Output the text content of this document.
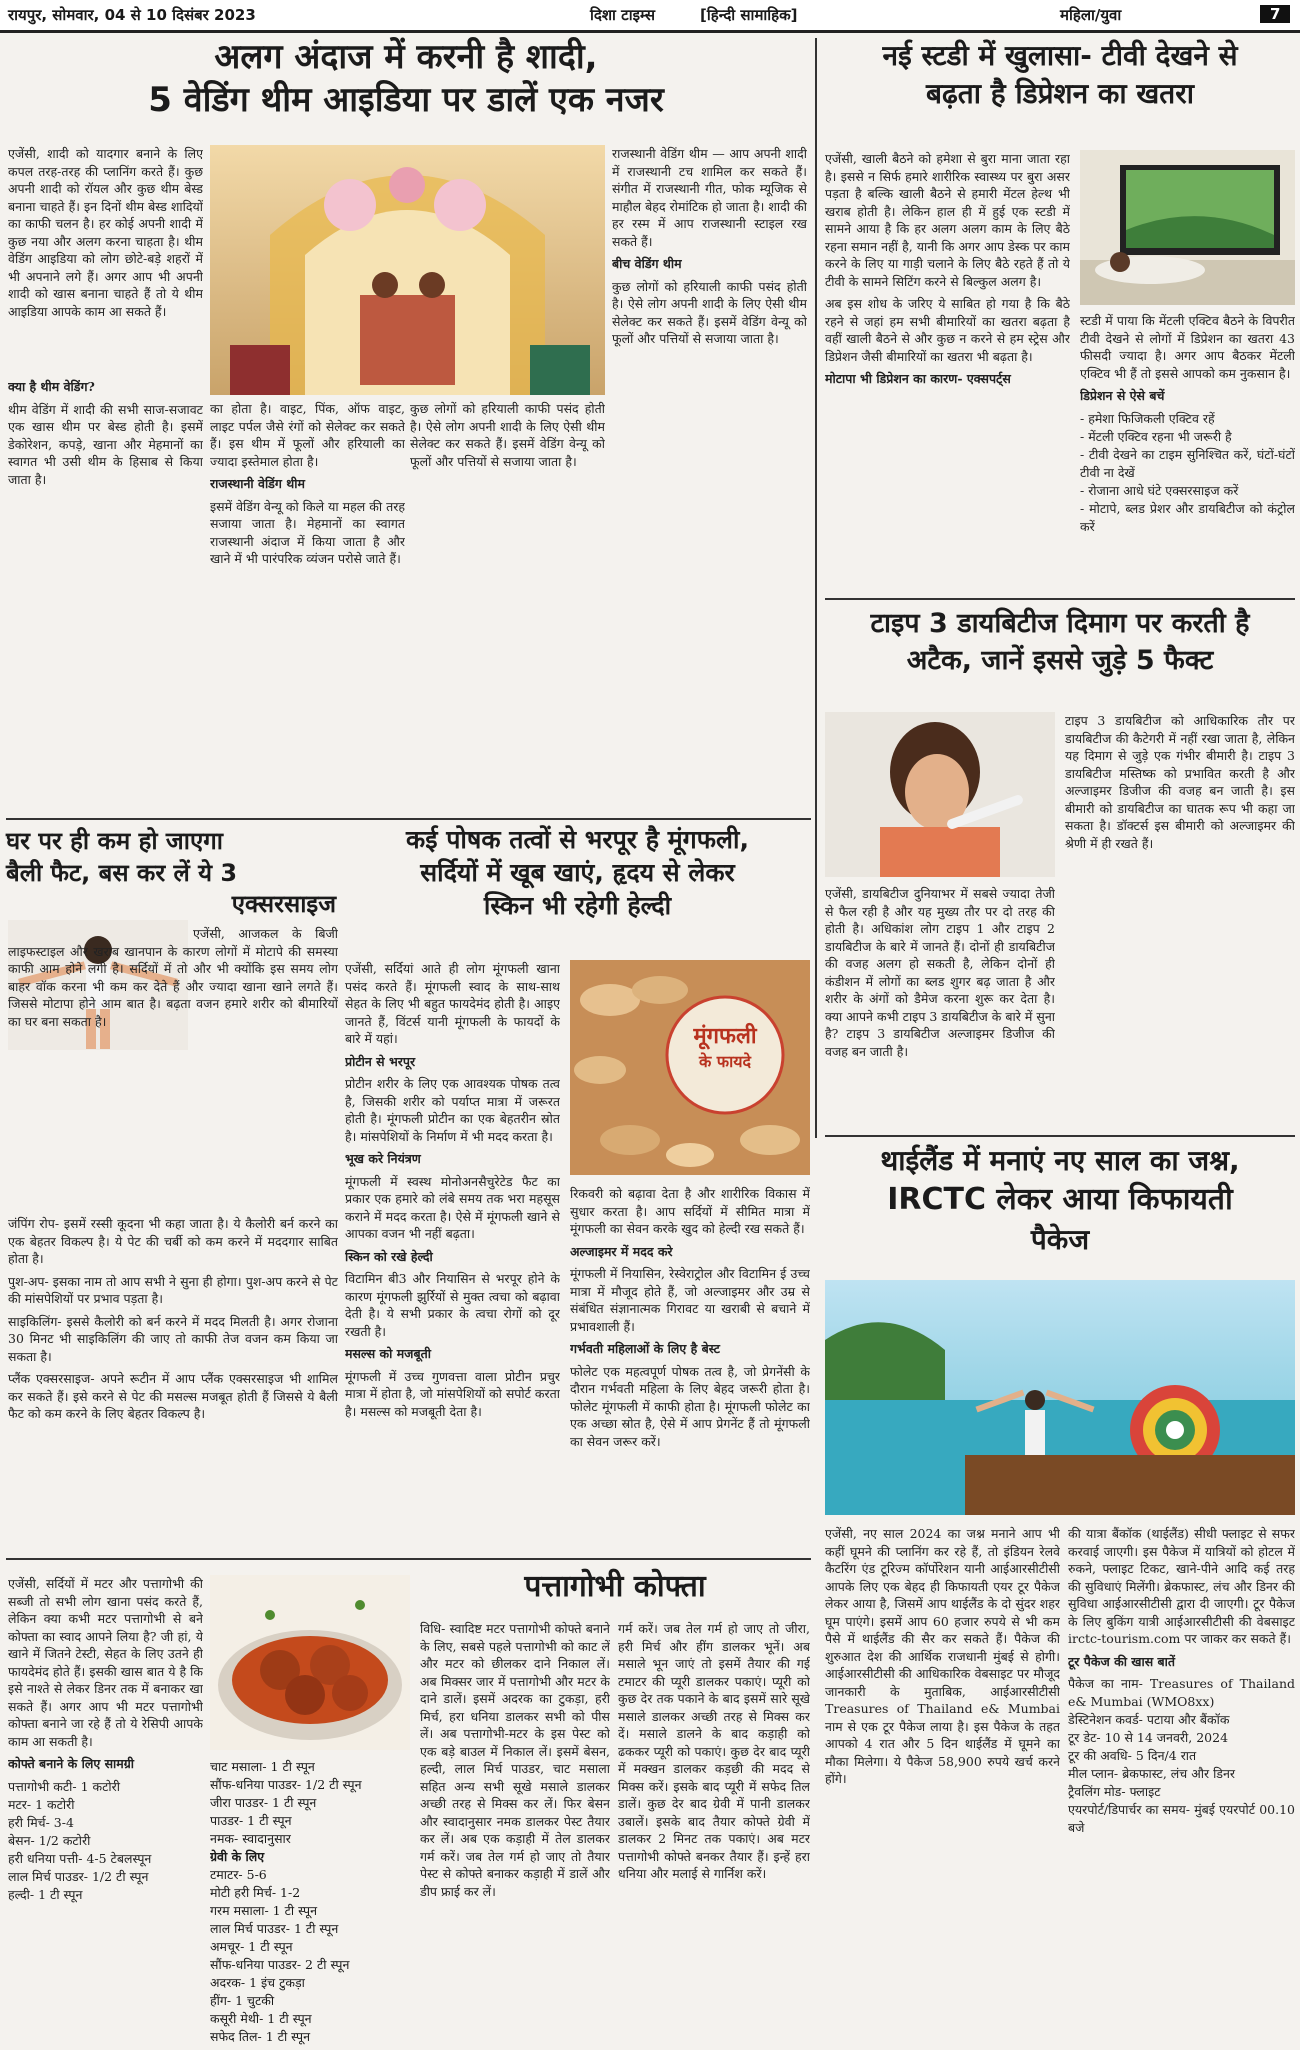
रायपुर, सोमवार, 04 से 10 दिसंबर 2023	दिशा टाइम्स	[हिन्दी सामाहिक]	महिला/युवा	7
अलग अंदाज में करनी है शादी,
5 वेडिंग थीम आइडिया पर डालें एक नजर
एजेंसी, शादी को यादगार बनाने के लिए कपल तरह-तरह की प्लानिंग करते हैं। कुछ अपनी शादी को रॉयल और कुछ थीम बेस्ड बनाना चाहते हैं। इन दिनों थीम बेस्ड शादियों का काफी चलन है। हर कोई अपनी शादी में कुछ नया और अलग करना चाहता है। थीम वेडिंग आइडिया को लोग छोटे-बड़े शहरों में भी अपनाने लगे हैं। अगर आप भी अपनी शादी को खास बनाना चाहते हैं तो ये थीम आइडिया आपके काम आ सकते हैं।
क्या है थीम वेडिंग?
थीम वेडिंग में शादी की सभी साज-सजावट एक खास थीम पर बेस्ड होती है। इसमें डेकोरेशन, कपड़े, खाना और मेहमानों का स्वागत भी उसी थीम के हिसाब से किया जाता है।
का होता है। वाइट, पिंक, ऑफ वाइट, लाइट पर्पल जैसे रंगों को सेलेक्ट कर सकते हैं। इस थीम में फूलों और हरियाली का ज्यादा इस्तेमाल होता है।
राजस्थानी वेडिंग थीम
इसमें वेडिंग वेन्यू को किले या महल की तरह सजाया जाता है। मेहमानों का स्वागत राजस्थानी अंदाज में किया जाता है और खाने में भी पारंपरिक व्यंजन परोसे जाते हैं।
कुछ लोगों को हरियाली काफी पसंद होती है। ऐसे लोग अपनी शादी के लिए ऐसी थीम सेलेक्ट कर सकते हैं। इसमें वेडिंग वेन्यू को फूलों और पत्तियों से सजाया जाता है।
राजस्थानी वेडिंग थीम — आप अपनी शादी में राजस्थानी टच शामिल कर सकते हैं। संगीत में राजस्थानी गीत, फोक म्यूजिक से माहौल बेहद रोमांटिक हो जाता है। शादी की हर रस्म में आप राजस्थानी स्टाइल रख सकते हैं।
बीच वेडिंग थीम
कुछ लोगों को हरियाली काफी पसंद होती है। ऐसे लोग अपनी शादी के लिए ऐसी थीम सेलेक्ट कर सकते हैं। इसमें वेडिंग वेन्यू को फूलों और पत्तियों से सजाया जाता है।
नई स्टडी में खुलासा- टीवी देखने से
बढ़ता है डिप्रेशन का खतरा
एजेंसी, खाली बैठने को हमेशा से बुरा माना जाता रहा है। इससे न सिर्फ हमारे शारीरिक स्वास्थ्य पर बुरा असर पड़ता है बल्कि खाली बैठने से हमारी मेंटल हेल्थ भी खराब होती है। लेकिन हाल ही में हुई एक स्टडी में सामने आया है कि हर अलग अलग काम के लिए बैठे रहना समान नहीं है, यानी कि अगर आप डेस्क पर काम करने के लिए या गाड़ी चलाने के लिए बैठे रहते हैं तो ये टीवी के सामने सिटिंग करने से बिल्कुल अलग है।
अब इस शोध के जरिए ये साबित हो गया है कि बैठे रहने से जहां हम सभी बीमारियों का खतरा बढ़ता है वहीं खाली बैठने से और कुछ न करने से हम स्ट्रेस और डिप्रेशन जैसी बीमारियों का खतरा भी बढ़ता है।
मोटापा भी डिप्रेशन का कारण- एक्सपर्ट्स
स्टडी में पाया कि मेंटली एक्टिव बैठने के विपरीत टीवी देखने से लोगों में डिप्रेशन का खतरा 43 फीसदी ज्यादा है। अगर आप बैठकर मेंटली एक्टिव भी हैं तो इससे आपको कम नुकसान है।
डिप्रेशन से ऐसे बचें
- हमेशा फिजिकली एक्टिव रहें
- मेंटली एक्टिव रहना भी जरूरी है
- टीवी देखने का टाइम सुनिश्चित करें, घंटों-घंटों टीवी ना देखें
- रोजाना आधे घंटे एक्सरसाइज करें
- मोटापे, ब्लड प्रेशर और डायबिटीज को कंट्रोल करें
टाइप 3 डायबिटीज दिमाग पर करती है
अटैक, जानें इससे जुड़े 5 फैक्ट
टाइप 3 डायबिटीज को आधिकारिक तौर पर डायबिटीज की कैटेगरी में नहीं रखा जाता है, लेकिन यह दिमाग से जुड़े एक गंभीर बीमारी है। टाइप 3 डायबिटीज मस्तिष्क को प्रभावित करती है और अल्जाइमर डिजीज की वजह बन जाती है। इस बीमारी को डायबिटीज का घातक रूप भी कहा जा सकता है। डॉक्टर्स इस बीमारी को अल्जाइमर की श्रेणी में ही रखते हैं।
एजेंसी, डायबिटीज दुनियाभर में सबसे ज्यादा तेजी से फैल रही है और यह मुख्य तौर पर दो तरह की होती है। अधिकांश लोग टाइप 1 और टाइप 2 डायबिटीज के बारे में जानते हैं। दोनों ही डायबिटीज की वजह अलग हो सकती है, लेकिन दोनों ही कंडीशन में लोगों का ब्लड शुगर बढ़ जाता है और शरीर के अंगों को डैमेज करना शुरू कर देता है। क्या आपने कभी टाइप 3 डायबिटीज के बारे में सुना है? टाइप 3 डायबिटीज अल्जाइमर डिजीज की वजह बन जाती है।
घर पर ही कम हो जाएगा
बैली फैट, बस कर लें ये 3
एक्सरसाइज
एजेंसी, आजकल के बिजी लाइफस्टाइल और खराब खानपान के कारण लोगों में मोटापे की समस्या काफी आम होने लगी है। सर्दियों में तो और भी क्योंकि इस समय लोग बाहर वॉक करना भी कम कर देते हैं और ज्यादा खाना खाने लगते हैं। जिससे मोटापा होने आम बात है। बढ़ता वजन हमारे शरीर को बीमारियों का घर बना सकता है।
जंपिंग रोप- इसमें रस्सी कूदना भी कहा जाता है। ये कैलोरी बर्न करने का एक बेहतर विकल्प है। ये पेट की चर्बी को कम करने में मददगार साबित होता है।
पुश-अप- इसका नाम तो आप सभी ने सुना ही होगा। पुश-अप करने से पेट की मांसपेशियों पर प्रभाव पड़ता है।
साइकिलिंग- इससे कैलोरी को बर्न करने में मदद मिलती है। अगर रोजाना 30 मिनट भी साइकिलिंग की जाए तो काफी तेज वजन कम किया जा सकता है।
प्लैंक एक्सरसाइज- अपने रूटीन में आप प्लैंक एक्सरसाइज भी शामिल कर सकते हैं। इसे करने से पेट की मसल्स मजबूत होती हैं जिससे ये बैली फैट को कम करने के लिए बेहतर विकल्प है।
कई पोषक तत्वों से भरपूर है मूंगफली,
सर्दियों में खूब खाएं, हृदय से लेकर
स्किन भी रहेगी हेल्दी
एजेंसी, सर्दियां आते ही लोग मूंगफली खाना पसंद करते हैं। मूंगफली स्वाद के साथ-साथ सेहत के लिए भी बहुत फायदेमंद होती है। आइए जानते हैं, विंटर्स यानी मूंगफली के फायदों के बारे में यहां।
प्रोटीन से भरपूर
प्रोटीन शरीर के लिए एक आवश्यक पोषक तत्व है, जिसकी शरीर को पर्याप्त मात्रा में जरूरत होती है। मूंगफली प्रोटीन का एक बेहतरीन स्रोत है। मांसपेशियों के निर्माण में भी मदद करता है।
भूख करे नियंत्रण
मूंगफली में स्वस्थ मोनोअनसैचुरेटेड फैट का प्रकार एक हमारे को लंबे समय तक भरा महसूस कराने में मदद करता है। ऐसे में मूंगफली खाने से आपका वजन भी नहीं बढ़ता।
स्किन को रखे हेल्दी
विटामिन बी3 और नियासिन से भरपूर होने के कारण मूंगफली झुर्रियों से मुक्त त्वचा को बढ़ावा देती है। ये सभी प्रकार के त्वचा रोगों को दूर रखती है।
मसल्स को मजबूती
मूंगफली में उच्च गुणवत्ता वाला प्रोटीन प्रचुर मात्रा में होता है, जो मांसपेशियों को सपोर्ट करता है। मसल्स को मजबूती देता है।
मूंगफली
के फायदे
रिकवरी को बढ़ावा देता है और शारीरिक विकास में सुधार करता है। आप सर्दियों में सीमित मात्रा में मूंगफली का सेवन करके खुद को हेल्दी रख सकते हैं।
अल्जाइमर में मदद करे
मूंगफली में नियासिन, रेस्वेराट्रोल और विटामिन ई उच्च मात्रा में मौजूद होते हैं, जो अल्जाइमर और उम्र से संबंधित संज्ञानात्मक गिरावट या खराबी से बचाने में प्रभावशाली हैं।
गर्भवती महिलाओं के लिए है बेस्ट
फोलेट एक महत्वपूर्ण पोषक तत्व है, जो प्रेगनेंसी के दौरान गर्भवती महिला के लिए बेहद जरूरी होता है। फोलेट मूंगफली में काफी होता है। मूंगफली फोलेट का एक अच्छा स्रोत है, ऐसे में आप प्रेगनेंट हैं तो मूंगफली का सेवन जरूर करें।
थाईलैंड में मनाएं नए साल का जश्न,
IRCTC लेकर आया किफायती
पैकेज
एजेंसी, नए साल 2024 का जश्न मनाने आप भी कहीं घूमने की प्लानिंग कर रहे हैं, तो इंडियन रेलवे कैटरिंग एंड टूरिज्म कॉर्पोरेशन यानी आईआरसीटीसी आपके लिए एक बेहद ही किफायती एयर टूर पैकेज लेकर आया है, जिसमें आप थाईलैंड के दो सुंदर शहर घूम पाएंगे। इसमें आप 60 हजार रुपये से भी कम पैसे में थाईलैंड की सैर कर सकते हैं। पैकेज की शुरुआत देश की आर्थिक राजधानी मुंबई से होगी। आईआरसीटीसी की आधिकारिक वेबसाइट पर मौजूद जानकारी के मुताबिक, आईआरसीटीसी Treasures of Thailand e& Mumbai नाम से एक टूर पैकेज लाया है। इस पैकेज के तहत आपको 4 रात और 5 दिन थाईलैंड में घूमने का मौका मिलेगा। ये पैकेज 58,900 रुपये खर्च करने होंगे।
की यात्रा बैंकॉक (थाईलैंड) सीधी फ्लाइट से सफर करवाई जाएगी। इस पैकेज में यात्रियों को होटल में रुकने, फ्लाइट टिकट, खाने-पीने आदि कई तरह की सुविधाएं मिलेंगी। ब्रेकफास्ट, लंच और डिनर की सुविधा आईआरसीटीसी द्वारा दी जाएगी। टूर पैकेज के लिए बुकिंग यात्री आईआरसीटीसी की वेबसाइट irctc-tourism.com पर जाकर कर सकते हैं।
टूर पैकेज की खास बातें
पैकेज का नाम- Treasures of Thailand e& Mumbai (WMO8xx)
डेस्टिनेशन कवर्ड- पटाया और बैंकॉक
टूर डेट- 10 से 14 जनवरी, 2024
टूर की अवधि- 5 दिन/4 रात
मील प्लान- ब्रेकफास्ट, लंच और डिनर
ट्रैवलिंग मोड- फ्लाइट
एयरपोर्ट/डिपार्चर का समय- मुंबई एयरपोर्ट 00.10 बजे
पत्तागोभी कोफ्ता
एजेंसी, सर्दियों में मटर और पत्तागोभी की सब्जी तो सभी लोग खाना पसंद करते हैं, लेकिन क्या कभी मटर पत्तागोभी से बने कोफ्ता का स्वाद आपने लिया है? जी हां, ये खाने में जितने टेस्टी, सेहत के लिए उतने ही फायदेमंद होते हैं। इसकी खास बात ये है कि इसे नाश्ते से लेकर डिनर तक में बनाकर खा सकते हैं। अगर आप भी मटर पत्तागोभी कोफ्ता बनाने जा रहे हैं तो ये रेसिपी आपके काम आ सकती है।
कोफ्ते बनाने के लिए सामग्री
पत्तागोभी कटी- 1 कटोरी
मटर- 1 कटोरी
हरी मिर्च- 3-4
बेसन- 1/2 कटोरी
हरी धनिया पत्ती- 4-5 टेबलस्पून
लाल मिर्च पाउडर- 1/2 टी स्पून
हल्दी- 1 टी स्पून
चाट मसाला- 1 टी स्पून
सौंफ-धनिया पाउडर- 1/2 टी स्पून
जीरा पाउडर- 1 टी स्पून
पाउडर- 1 टी स्पून
नमक- स्वादानुसार
ग्रेवी के लिए
टमाटर- 5-6
मोटी हरी मिर्च- 1-2
गरम मसाला- 1 टी स्पून
लाल मिर्च पाउडर- 1 टी स्पून
अमचूर- 1 टी स्पून
सौंफ-धनिया पाउडर- 2 टी स्पून
अदरक- 1 इंच टुकड़ा
हींग- 1 चुटकी
कसूरी मेथी- 1 टी स्पून
सफेद तिल- 1 टी स्पून
विधि- स्वादिष्ट मटर पत्तागोभी कोफ्ते बनाने के लिए, सबसे पहले पत्तागोभी को काट लें और मटर को छीलकर दाने निकाल लें। अब मिक्सर जार में पत्तागोभी और मटर के दाने डालें। इसमें अदरक का टुकड़ा, हरी मिर्च, हरा धनिया डालकर सभी को पीस लें। अब पत्तागोभी-मटर के इस पेस्ट को एक बड़े बाउल में निकाल लें। इसमें बेसन, हल्दी, लाल मिर्च पाउडर, चाट मसाला सहित अन्य सभी सूखे मसाले डालकर अच्छी तरह से मिक्स कर लें। फिर बेसन और स्वादानुसार नमक डालकर पेस्ट तैयार कर लें। अब एक कड़ाही में तेल डालकर गर्म करें। जब तेल गर्म हो जाए तो तैयार पेस्ट से कोफ्ते बनाकर कड़ाही में डालें और डीप फ्राई कर लें।
गर्म करें। जब तेल गर्म हो जाए तो जीरा, हरी मिर्च और हींग डालकर भूनें। अब मसाले भून जाएं तो इसमें तैयार की गई टमाटर की प्यूरी डालकर पकाएं। प्यूरी को कुछ देर तक पकाने के बाद इसमें सारे सूखे मसाले डालकर अच्छी तरह से मिक्स कर दें। मसाले डालने के बाद कड़ाही को ढककर प्यूरी को पकाएं। कुछ देर बाद प्यूरी में मक्खन डालकर कड़छी की मदद से मिक्स करें। इसके बाद प्यूरी में सफेद तिल डालें। कुछ देर बाद ग्रेवी में पानी डालकर उबालें। इसके बाद तैयार कोफ्ते ग्रेवी में डालकर 2 मिनट तक पकाएं। अब मटर पत्तागोभी कोफ्ते बनकर तैयार हैं। इन्हें हरा धनिया और मलाई से गार्निश करें।
